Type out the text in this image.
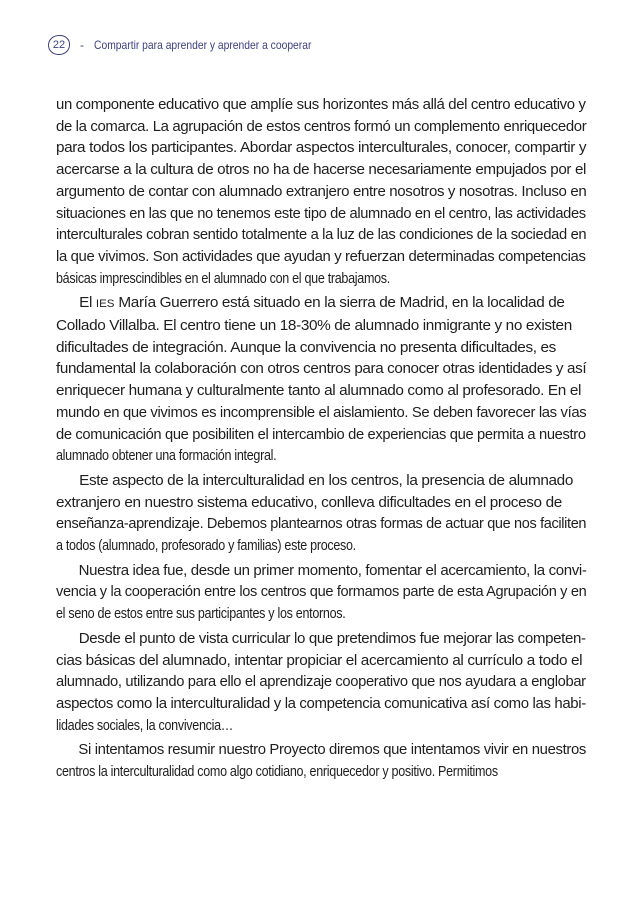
22	- Compartir para aprender y aprender a cooperar
un componente educativo que amplíe sus horizontes más allá del centro educativo y
de la comarca. La agrupación de estos centros formó un complemento enriquecedor
para todos los participantes. Abordar aspectos interculturales, conocer, compartir y
acercarse a la cultura de otros no ha de hacerse necesariamente empujados por el
argumento de contar con alumnado extranjero entre nosotros y nosotras. Incluso en
situaciones en las que no tenemos este tipo de alumnado en el centro, las actividades
interculturales cobran sentido totalmente a la luz de las condiciones de la sociedad en
la que vivimos. Son actividades que ayudan y refuerzan determinadas competencias
básicas imprescindibles en el alumnado con el que trabajamos.
El IES María Guerrero está situado en la sierra de Madrid, en la localidad de
Collado Villalba. El centro tiene un 18-30% de alumnado inmigrante y no existen
dificultades de integración. Aunque la convivencia no presenta dificultades, es
fundamental la colaboración con otros centros para conocer otras identidades y así
enriquecer humana y culturalmente tanto al alumnado como al profesorado. En el
mundo en que vivimos es incomprensible el aislamiento. Se deben favorecer las vías
de comunicación que posibiliten el intercambio de experiencias que permita a nuestro
alumnado obtener una formación integral.
Este aspecto de la interculturalidad en los centros, la presencia de alumnado
extranjero en nuestro sistema educativo, conlleva dificultades en el proceso de
enseñanza-aprendizaje. Debemos plantearnos otras formas de actuar que nos faciliten
a todos (alumnado, profesorado y familias) este proceso.
Nuestra idea fue, desde un primer momento, fomentar el acercamiento, la convi-
vencia y la cooperación entre los centros que formamos parte de esta Agrupación y en
el seno de estos entre sus participantes y los entornos.
Desde el punto de vista curricular lo que pretendimos fue mejorar las competen-
cias básicas del alumnado, intentar propiciar el acercamiento al currículo a todo el
alumnado, utilizando para ello el aprendizaje cooperativo que nos ayudara a englobar
aspectos como la interculturalidad y la competencia comunicativa así como las habi-
lidades sociales, la convivencia…
Si intentamos resumir nuestro Proyecto diremos que intentamos vivir en nuestros
centros la interculturalidad como algo cotidiano, enriquecedor y positivo. Permitimos
